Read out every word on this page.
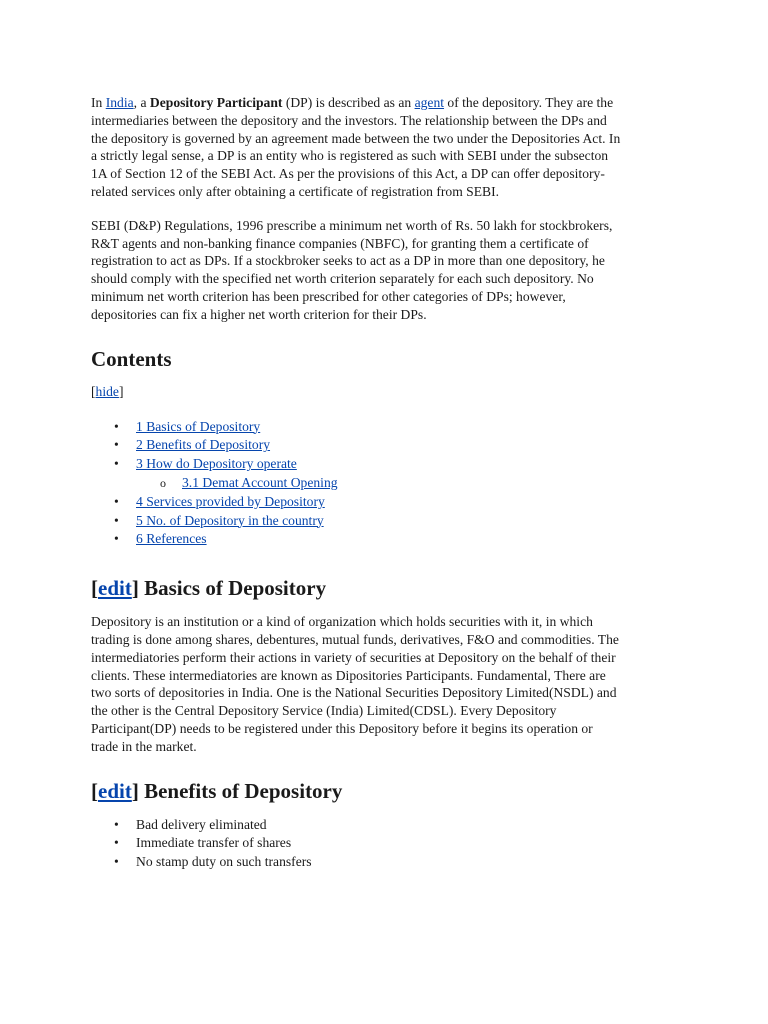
In India, a Depository Participant (DP) is described as an agent of the depository. They are the
intermediaries between the depository and the investors. The relationship between the DPs and
the depository is governed by an agreement made between the two under the Depositories Act. In
a strictly legal sense, a DP is an entity who is registered as such with SEBI under the subsecton
1A of Section 12 of the SEBI Act. As per the provisions of this Act, a DP can offer depository-
related services only after obtaining a certificate of registration from SEBI.

SEBI (D&P) Regulations, 1996 prescribe a minimum net worth of Rs. 50 lakh for stockbrokers,
R&T agents and non-banking finance companies (NBFC), for granting them a certificate of
registration to act as DPs. If a stockbroker seeks to act as a DP in more than one depository, he
should comply with the specified net worth criterion separately for each such depository. No
minimum net worth criterion has been prescribed for other categories of DPs; however,
depositories can fix a higher net worth criterion for their DPs.

Contents
[hide]
• 1 Basics of Depository
• 2 Benefits of Depository
• 3 How do Depository operate
o 3.1 Demat Account Opening
• 4 Services provided by Depository
• 5 No. of Depository in the country
• 6 References
[edit] Basics of Depository

Depository is an institution or a kind of organization which holds securities with it, in which
trading is done among shares, debentures, mutual funds, derivatives, F&O and commodities. The
intermediatories perform their actions in variety of securities at Depository on the behalf of their
clients. These intermediatories are known as Dipositories Participants. Fundamental, There are
two sorts of depositories in India. One is the National Securities Depository Limited(NSDL) and
the other is the Central Depository Service (India) Limited(CDSL). Every Depository
Participant(DP) needs to be registered under this Depository before it begins its operation or
trade in the market.

[edit] Benefits of Depository
• Bad delivery eliminated
• Immediate transfer of shares
• No stamp duty on such transfers
